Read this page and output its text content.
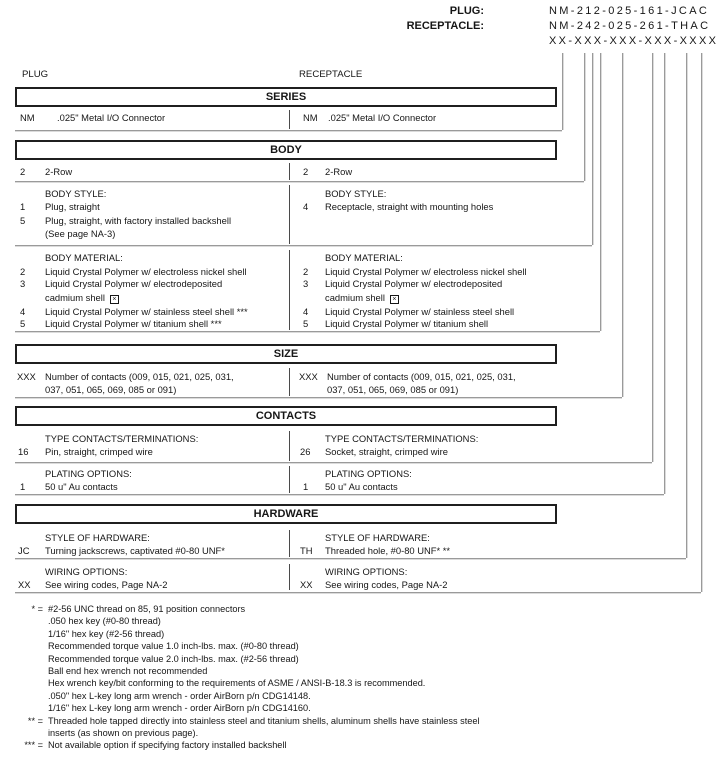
PLUG:	NM-212-025-161-JCAC
RECEPTACLE:	NM-242-025-261-THAC
XX-XXX-XXX-XXX-XXXX
PLUG	RECEPTACLE
SERIES
NM .025" Metal I/O Connector	NM .025" Metal I/O Connector
BODY
2 2-Row	2 2-Row
BODY STYLE:
1 Plug, straight
5 Plug, straight, with factory installed backshell
(See page NA-3)
BODY STYLE:
4 Receptacle, straight with mounting holes
BODY MATERIAL:
2 Liquid Crystal Polymer w/ electroless nickel shell
3 Liquid Crystal Polymer w/ electrodeposited
cadmium shell ×
4 Liquid Crystal Polymer w/ stainless steel shell ***
5 Liquid Crystal Polymer w/ titanium shell ***
BODY MATERIAL:
2 Liquid Crystal Polymer w/ electroless nickel shell
3 Liquid Crystal Polymer w/ electrodeposited
cadmium shell ×
4 Liquid Crystal Polymer w/ stainless steel shell
5 Liquid Crystal Polymer w/ titanium shell
SIZE
XXX Number of contacts (009, 015, 021, 025, 031,
037, 051, 065, 069, 085 or 091)
XXX Number of contacts (009, 015, 021, 025, 031,
037, 051, 065, 069, 085 or 091)
CONTACTS
TYPE CONTACTS/TERMINATIONS:
16 Pin, straight, crimped wire
TYPE CONTACTS/TERMINATIONS:
26 Socket, straight, crimped wire
PLATING OPTIONS:
1 50 u" Au contacts
PLATING OPTIONS:
1 50 u" Au contacts
HARDWARE
STYLE OF HARDWARE:
JC Turning jackscrews, captivated #0-80 UNF*
STYLE OF HARDWARE:
TH Threaded hole, #0-80 UNF* **
WIRING OPTIONS:
XX See wiring codes, Page NA-2
WIRING OPTIONS:
XX See wiring codes, Page NA-2
* = #2-56 UNC thread on 85, 91 position connectors
.050 hex key (#0-80 thread)
1/16" hex key (#2-56 thread)
Recommended torque value 1.0 inch-lbs. max. (#0-80 thread)
Recommended torque value 2.0 inch-lbs. max. (#2-56 thread)
Ball end hex wrench not recommended
Hex wrench key/bit conforming to the requirements of ASME / ANSI-B-18.3 is recommended.
.050" hex L-key long arm wrench - order AirBorn p/n CDG14148.
1/16" hex L-key long arm wrench - order AirBorn p/n CDG14160.
** = Threaded hole tapped directly into stainless steel and titanium shells, aluminum shells have stainless steel
inserts (as shown on previous page).
*** = Not available option if specifying factory installed backshell
